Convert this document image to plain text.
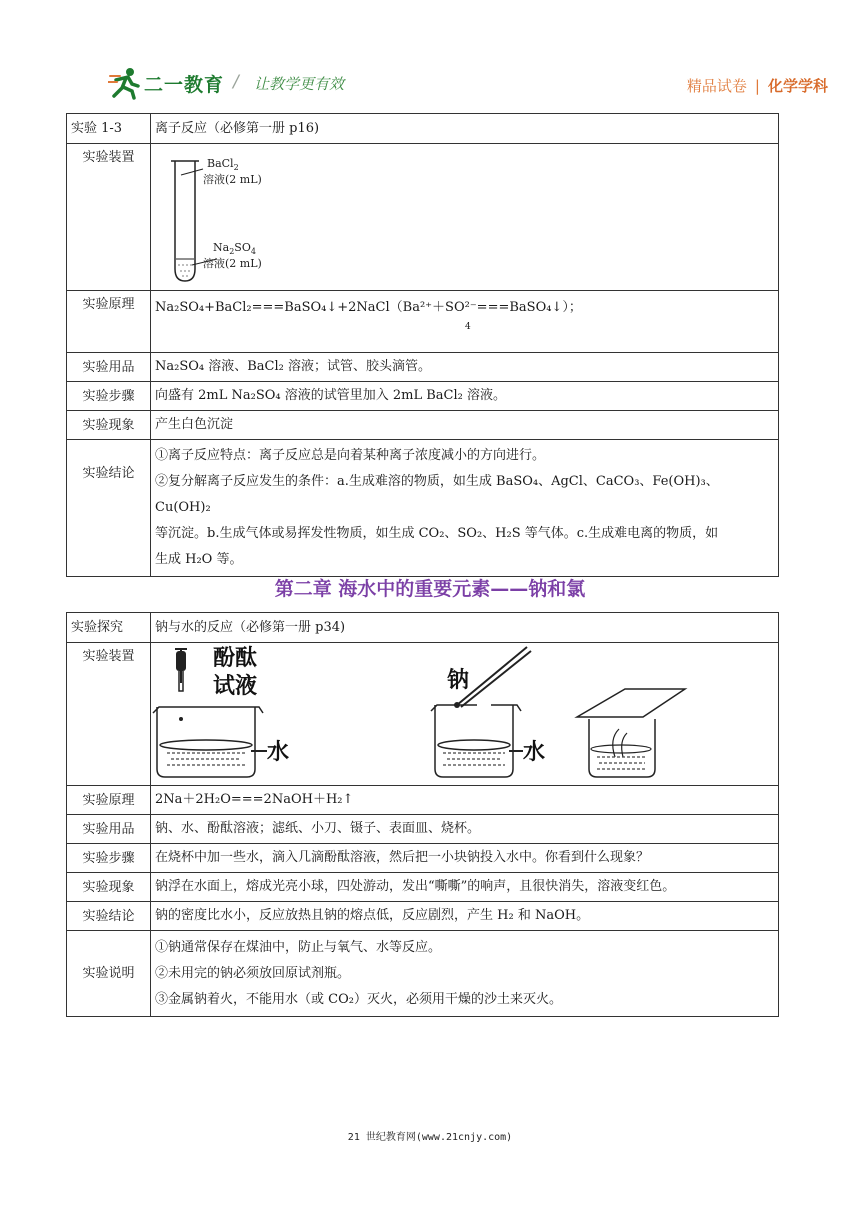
二一教育 / 让教学更有效	精品试卷 | 化学学科
实验 1-3	离子反应（必修第一册 p16)
实验装置	BaCl$_2$
溶液(2 mL)
$Na_2SO_4$
溶液(2 mL)

实验原理	Na₂SO₄+BaCl₂===BaSO₄↓+2NaCl（Ba²⁺＋SO²⁻===BaSO₄↓）；
4

实验用品	Na₂SO₄ 溶液、BaCl₂ 溶液；试管、胶头滴管。
实验步骤	向盛有 2mL Na₂SO₄ 溶液的试管里加入 2mL BaCl₂ 溶液。
实验现象	产生白色沉淀
实验结论	①离子反应特点：离子反应总是向着某种离子浓度减小的方向进行。
②复分解离子反应发生的条件：a.生成难溶的物质，如生成 BaSO₄、AgCl、CaCO₃、Fe(OH)₃、Cu(OH)₂
等沉淀。b.生成气体或易挥发性物质，如生成 CO₂、SO₂、H₂S 等气体。c.生成难电离的物质，如
生成 H₂O 等。
第二章 海水中的重要元素——钠和氯
实验探究	钠与水的反应（必修第一册 p34)
实验装置	酚酞
试液
水
钠
水

实验原理	2Na＋2H₂O===2NaOH＋H₂↑
实验用品	钠、水、酚酞溶液；滤纸、小刀、镊子、表面皿、烧杯。
实验步骤	在烧杯中加一些水，滴入几滴酚酞溶液，然后把一小块钠投入水中。你看到什么现象？
实验现象	钠浮在水面上，熔成光亮小球，四处游动，发出“嘶嘶”的响声，且很快消失，溶液变红色。
实验结论	钠的密度比水小，反应放热且钠的熔点低，反应剧烈，产生 H₂ 和 NaOH。
实验说明	①钠通常保存在煤油中，防止与氧气、水等反应。
②未用完的钠必须放回原试剂瓶。
③金属钠着火，不能用水（或 CO₂）灭火，必须用干燥的沙土来灭火。
21 世纪教育网(www.21cnjy.com)
